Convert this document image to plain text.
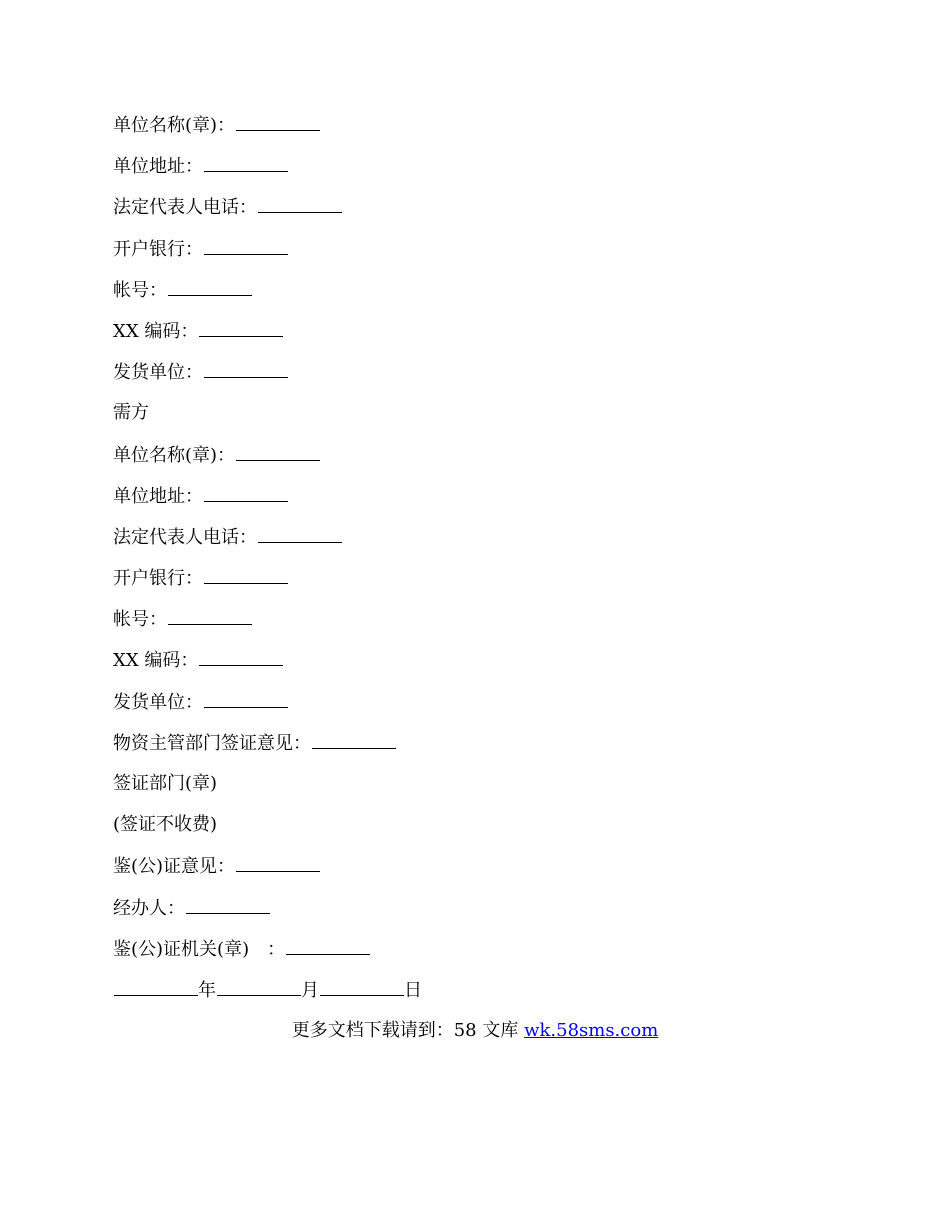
单位名称(章)：
单位地址：
法定代表人电话：
开户银行：
帐号：
XX 编码：
发货单位：
需方
单位名称(章)：
单位地址：
法定代表人电话：
开户银行：
帐号：
XX 编码：
发货单位：
物资主管部门签证意见：
签证部门(章)
(签证不收费)
鉴(公)证意见：
经办人：
鉴(公)证机关(章)　：
年	月	日
更多文档下载请到：58 文库 wk.58sms.com
